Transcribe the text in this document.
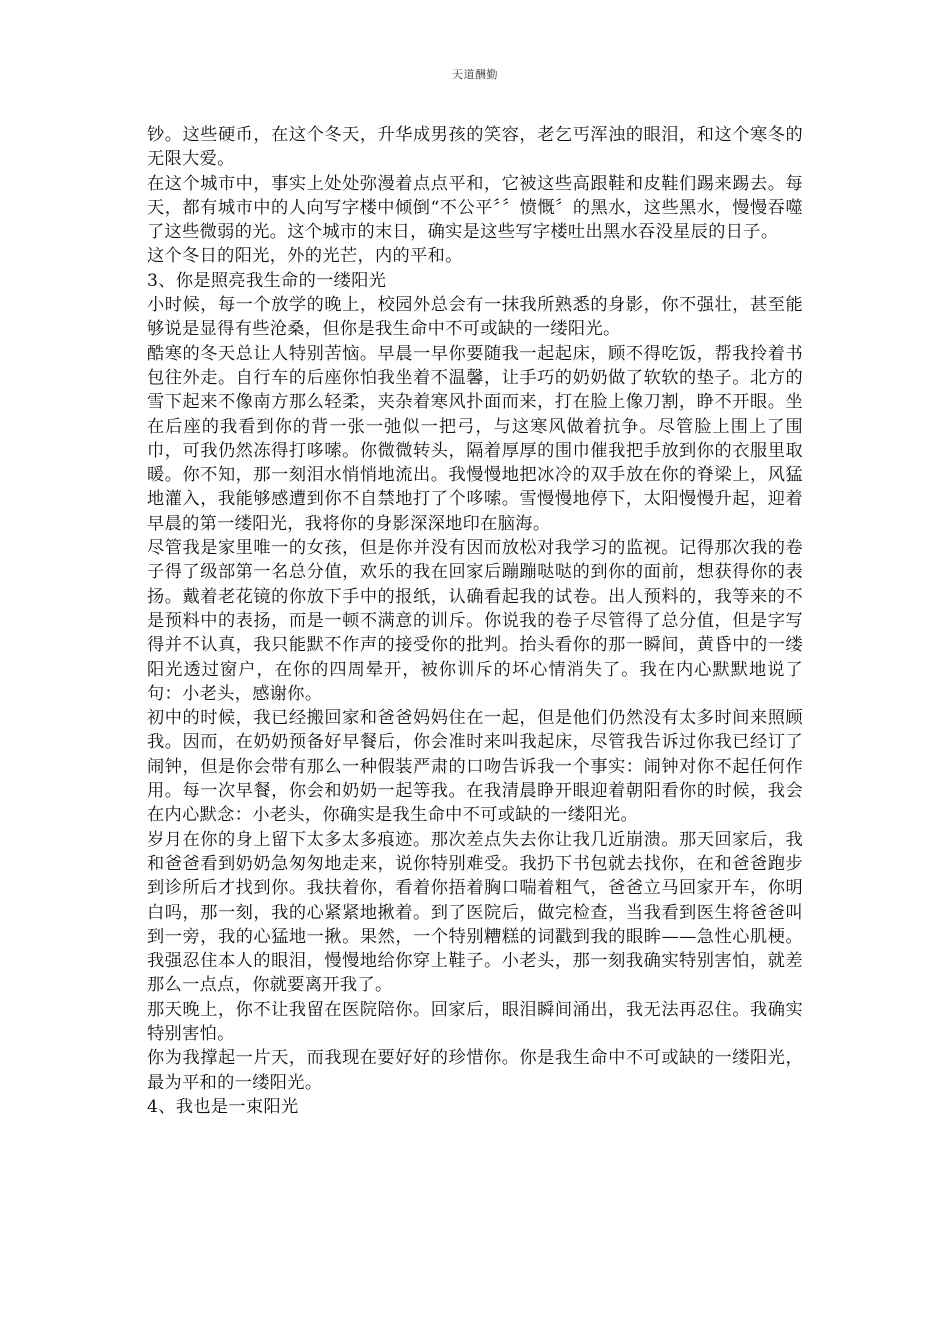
天道酬勤

钞。这些硬币，在这个冬天，升华成男孩的笑容，老乞丐浑浊的眼泪，和这个寒冬的无限大爱。

在这个城市中，事实上处处弥漫着点点平和，它被这些高跟鞋和皮鞋们踢来踢去。每天，都有城市中的人向写字楼中倾倒“不公平〞〞愤慨〞的黑水，这些黑水，慢慢吞噬了这些微弱的光。这个城市的末日，确实是这些写字楼吐出黑水吞没星辰的日子。

这个冬日的阳光，外的光芒，内的平和。

3、你是照亮我生命的一缕阳光

小时候，每一个放学的晚上，校园外总会有一抹我所熟悉的身影，你不强壮，甚至能够说是显得有些沧桑，但你是我生命中不可或缺的一缕阳光。

酷寒的冬天总让人特别苦恼。早晨一早你要随我一起起床，顾不得吃饭，帮我拎着书包往外走。自行车的后座你怕我坐着不温馨，让手巧的奶奶做了软软的垫子。北方的雪下起来不像南方那么轻柔，夹杂着寒风扑面而来，打在脸上像刀割，睁不开眼。坐在后座的我看到你的背一张一弛似一把弓，与这寒风做着抗争。尽管脸上围上了围巾，可我仍然冻得打哆嗦。你微微转头，隔着厚厚的围巾催我把手放到你的衣服里取暖。你不知，那一刻泪水悄悄地流出。我慢慢地把冰冷的双手放在你的脊梁上，风猛地灌入，我能够感遭到你不自禁地打了个哆嗦。雪慢慢地停下，太阳慢慢升起，迎着早晨的第一缕阳光，我将你的身影深深地印在脑海。

尽管我是家里唯一的女孩，但是你并没有因而放松对我学习的监视。记得那次我的卷子得了级部第一名总分值，欢乐的我在回家后蹦蹦哒哒的到你的面前，想获得你的表扬。戴着老花镜的你放下手中的报纸，认确看起我的试卷。出人预料的，我等来的不是预料中的表扬，而是一顿不满意的训斥。你说我的卷子尽管得了总分值，但是字写得并不认真，我只能默不作声的接受你的批判。抬头看你的那一瞬间，黄昏中的一缕阳光透过窗户，在你的四周晕开，被你训斥的坏心情消失了。我在内心默默地说了句：小老头，感谢你。

初中的时候，我已经搬回家和爸爸妈妈住在一起，但是他们仍然没有太多时间来照顾我。因而，在奶奶预备好早餐后，你会准时来叫我起床，尽管我告诉过你我已经订了闹钟，但是你会带有那么一种假装严肃的口吻告诉我一个事实：闹钟对你不起任何作用。每一次早餐，你会和奶奶一起等我。在我清晨睁开眼迎着朝阳看你的时候，我会在内心默念：小老头，你确实是我生命中不可或缺的一缕阳光。

岁月在你的身上留下太多太多痕迹。那次差点失去你让我几近崩溃。那天回家后，我和爸爸看到奶奶急匆匆地走来，说你特别难受。我扔下书包就去找你，在和爸爸跑步到诊所后才找到你。我扶着你，看着你捂着胸口喘着粗气，爸爸立马回家开车，你明白吗，那一刻，我的心紧紧地揪着。到了医院后，做完检查，当我看到医生将爸爸叫到一旁，我的心猛地一揪。果然，一个特别糟糕的词戳到我的眼眸——急性心肌梗。我强忍住本人的眼泪，慢慢地给你穿上鞋子。小老头，那一刻我确实特别害怕，就差那么一点点，你就要离开我了。

那天晚上，你不让我留在医院陪你。回家后，眼泪瞬间涌出，我无法再忍住。我确实特别害怕。

你为我撑起一片天，而我现在要好好的珍惜你。你是我生命中不可或缺的一缕阳光，最为平和的一缕阳光。

4、我也是一束阳光
